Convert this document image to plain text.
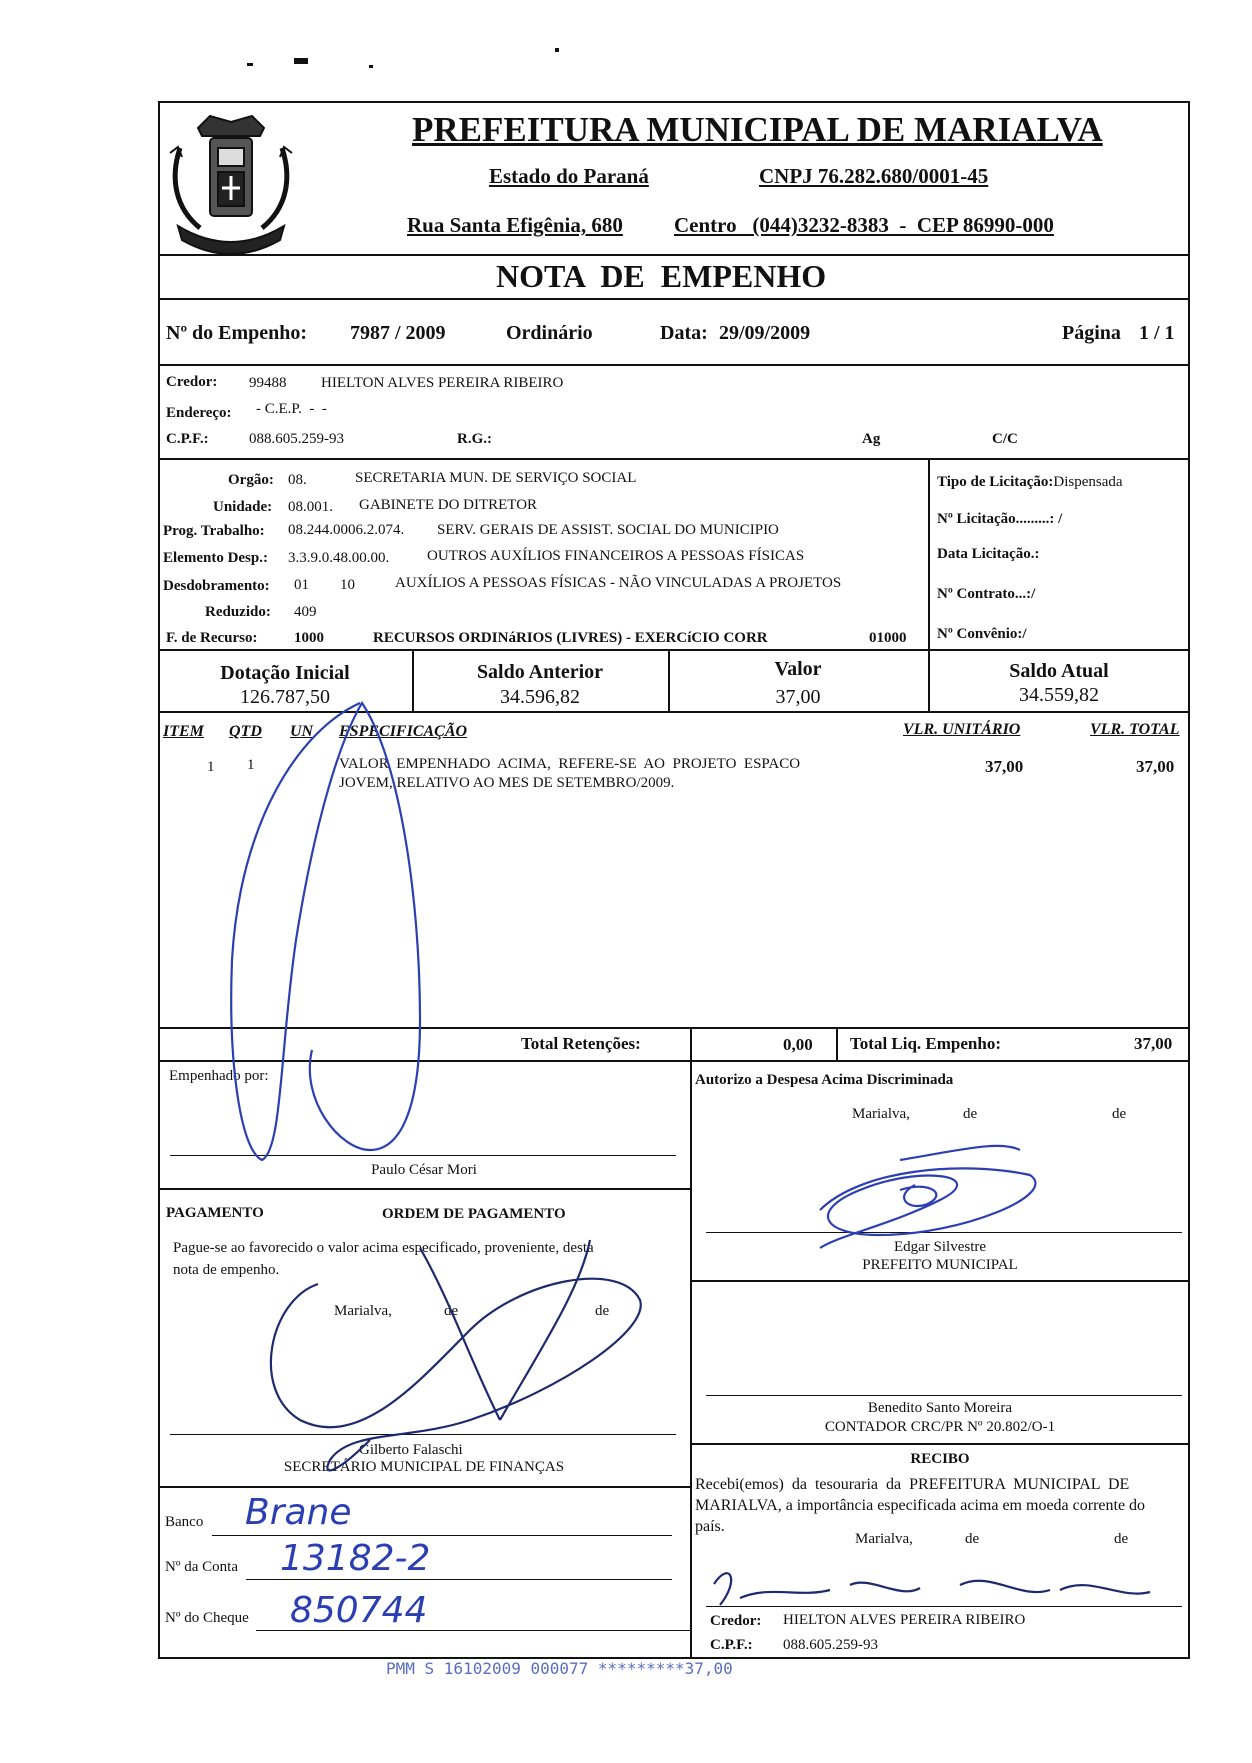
PREFEITURA MUNICIPAL DE MARIALVA
Estado do Paraná	CNPJ 76.282.680/0001-45
Rua Santa Efigênia, 680 Centro   (044)3232-8383  -  CEP 86990-000
NOTA  DE  EMPENHO
Nº do Empenho: 7987 / 2009	Ordinário	Data: 29/09/2009	Página 1 / 1
Credor: 99488 HIELTON ALVES PEREIRA RIBEIRO
Endereço: - C.E.P.  -  -
C.P.F.:	088.605.259-93	R.G.:	Ag	C/C
Orgão: 08.	SECRETARIA MUN. DE SERVIÇO SOCIAL
Unidade: 08.001. GABINETE DO DITRETOR
Prog. Trabalho: 08.244.0006.2.074. SERV. GERAIS DE ASSIST. SOCIAL DO MUNICIPIO
Elemento Desp.: 3.3.9.0.48.00.00.	OUTROS AUXÍLIOS FINANCEIROS A PESSOAS FÍSICAS
Desdobramento: 01 10	AUXÍLIOS A PESSOAS FÍSICAS - NÃO VINCULADAS A PROJETOS
Reduzido: 409
F. de Recurso: 1000	RECURSOS ORDINáRIOS (LIVRES) - EXERCíCIO CORR	01000
Tipo de Licitação:Dispensada
Nº Licitação.........: /
Data Licitação.:
Nº Contrato...:/
Nº Convênio:/
Dotação Inicial
126.787,50
Saldo Anterior
34.596,82
Valor
37,00
Saldo Atual
34.559,82
ITEM QTD UN ESPECIFICAÇÃO	VLR. UNITÁRIO	VLR. TOTAL
1 1	VALOR  EMPENHADO  ACIMA,  REFERE-SE  AO  PROJETO  ESPACO
JOVEM, RELATIVO AO MES DE SETEMBRO/2009.
37,00	37,00
Total Retenções:	0,00 Total Liq. Empenho:	37,00
Empenhado por:
Paulo César Mori
Autorizo a Despesa Acima Discriminada
Marialva,	de	de
Edgar Silvestre
PREFEITO MUNICIPAL
PAGAMENTO	ORDEM DE PAGAMENTO
Pague-se ao favorecido o valor acima especificado, proveniente, desta
nota de empenho.
Marialva,	de	de
Gilberto Falaschi
SECRETÁRIO MUNICIPAL DE FINANÇAS
Banco Brane
Nº da Conta 13182-2
Nº do Cheque 850744
Benedito Santo Moreira
CONTADOR CRC/PR Nº 20.802/O-1
RECIBO
Recebi(emos)  da  tesouraria  da  PREFEITURA  MUNICIPAL  DE
MARIALVA, a importância especificada acima em moeda corrente do
país.
Marialva,	de	de
Credor: HIELTON ALVES PEREIRA RIBEIRO
C.P.F.: 088.605.259-93
PMM S 16102009 000077 *********37,00
